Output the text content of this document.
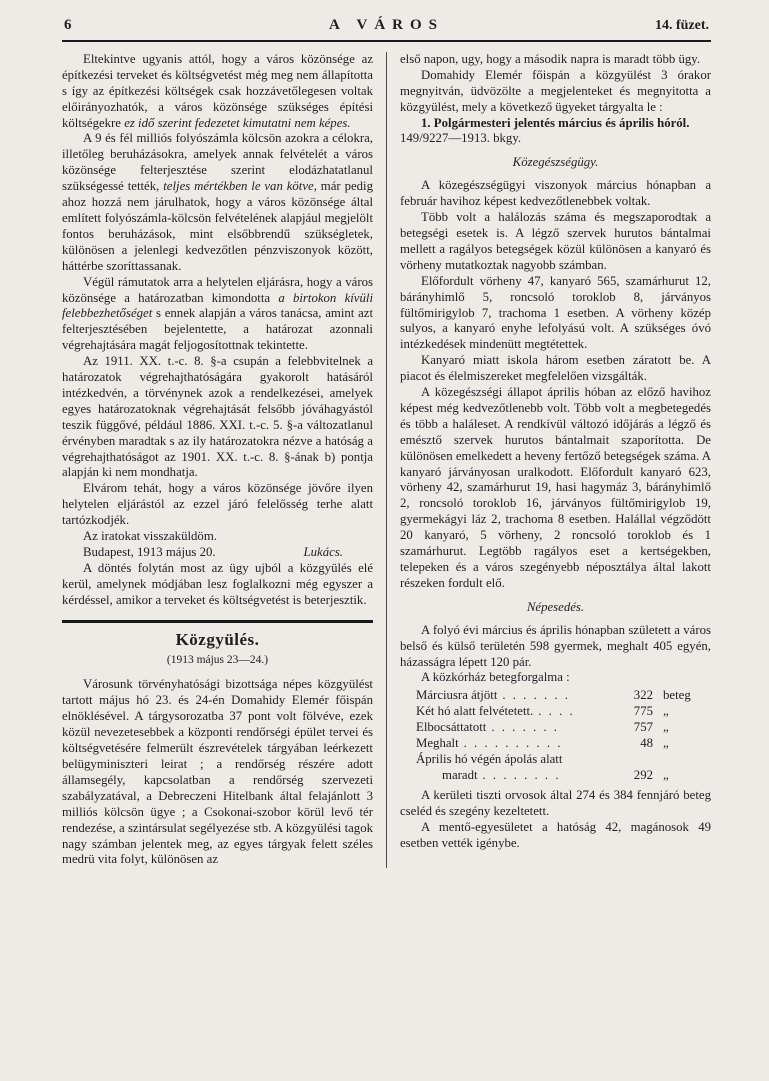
6	A VÁROS	14. füzet.

Eltekintve ugyanis attól, hogy a város közönsége az építkezési terveket és költségvetést még meg nem állapította s így az építkezési költségek csak hozzávetőlegesen voltak előirányozhatók, a város közönsége szükséges építési költségekre ez idő szerint fedezetet kimutatni nem képes.

A 9 és fél milliós folyószámla kölcsön azokra a célokra, illetőleg beruházásokra, amelyek annak felvételét a város közönsége felterjesztése szerint elodázhatatlanul szükségessé tették, teljes mértékben le van kötve, már pedig ahoz hozzá nem járulhatok, hogy a város közönsége által említett folyószámla-kölcsön felvételének alapjául megjelölt fontos beruházások, mint elsőbbrendű szükségletek, különösen a jelenlegi kedvezőtlen pénzviszonyok között, háttérbe szoríttassanak.

Végül rámutatok arra a helytelen eljárásra, hogy a város közönsége a határozatban kimondotta a birtokon kívüli felebbezhetőséget s ennek alapján a város tanácsa, amint azt felterjesztésében bejelentette, a határozat azonnali végrehajtására magát feljogosítottnak tekintette.

Az 1911. XX. t.-c. 8. §-a csupán a felebbvitelnek a határozatok végrehajthatóságára gyakorolt hatásáról intézkedvén, a törvénynek azok a rendelkezései, amelyek egyes határozatoknak végrehajtását felsőbb jóváhagyástól teszik függővé, például 1886. XXI. t.-c. 5. §-a változatlanul érvényben maradtak s az ily határozatokra nézve a hatóság a végrehajthatóságot az 1901. XX. t.-c. 8. §-ának b) pontja alapján ki nem mondhatja.

Elvárom tehát, hogy a város közönsége jövőre ilyen helytelen eljárástól az ezzel járó felelősség terhe alatt tartózkodjék.

Az iratokat visszaküldöm.

Budapest, 1913 május 20.	Lukács.

A döntés folytán most az ügy ujból a közgyülés elé kerül, amelynek módjában lesz foglalkozni még egyszer a kérdéssel, amikor a terveket és költségvetést is beterjesztik.

Közgyülés.
(1913 május 23—24.)

Városunk törvényhatósági bizottsága népes közgyülést tartott május hó 23. és 24-én Domahidy Elemér főispán elnöklésével. A tárgysorozatba 37 pont volt fölvéve, ezek közül nevezetesebbek a központi rendőrségi épület tervei és költségvetésére felmerült észrevételek tárgyában leérkezett belügyminiszteri leirat ; a rendőrség részére adott államsegély, kapcsolatban a rendőrség szervezeti szabályzatával, a Debreczeni Hitelbank által felajánlott 3 milliós kölcsön ügye ; a Csokonai-szobor körül levő tér rendezése, a szintársulat segélyezése stb. A közgyülési tagok nagy számban jelentek meg, az egyes tárgyak felett széles medrü vita folyt, különösen az

első napon, ugy, hogy a második napra is maradt több ügy.

Domahidy Elemér főispán a közgyülést 3 órakor megnyitván, üdvözölte a megjelenteket és megnyitotta a közgyülést, mely a következő ügyeket tárgyalta le :

1. Polgármesteri jelentés március és április hóról.

149/9227—1913. bkgy.
Közegészségügy.

A közegészségügyi viszonyok március hónapban a február havihoz képest kedvezőtlenebbek voltak.

Több volt a halálozás száma és megszaporodtak a betegségi esetek is. A légző szervek hurutos bántalmai mellett a ragályos betegségek közül különösen a kanyaró és vörheny mutatkoztak nagyobb számban.

Előfordult vörheny 47, kanyaró 565, szamárhurut 12, bárányhimlő 5, roncsoló toroklob 8, járványos fültőmirigylob 7, trachoma 1 esetben. A vörheny közép sulyos, a kanyaró enyhe lefolyású volt. A szükséges óvó intézkedések mindenütt megtétettek.

Kanyaró miatt iskola három esetben záratott be. A piacot és élelmiszereket megfelelően vizsgálták.

A közegészségi állapot április hóban az előző havihoz képest még kedvezőtlenebb volt. Több volt a megbetegedés és több a haláleset. A rendkívül változó időjárás a légző és emésztő szervek hurutos bántalmait szaporította. De különösen emelkedett a heveny fertőző betegségek száma. A kanyaró járványosan uralkodott. Előfordult kanyaró 623, vörheny 42, szamárhurut 19, hasi hagymáz 3, bárányhimlő 2, roncsoló toroklob 16, járványos fültőmirigylob 19, gyermekágyi láz 2, trachoma 8 esetben. Halállal végződött 20 kanyaró, 5 vörheny, 2 roncsoló toroklob és 1 szamárhurut. Legtöbb ragályos eset a kertségekben, telepeken és a város szegényebb néposztálya által lakott részeken fordult elő.

Népesedés.

A folyó évi március és április hónapban született a város belső és külső területén 598 gyermek, meghalt 405 egyén, házasságra lépett 120 pár.

A közkórház betegforgalma :

Márciusra átjött . . . . . . .	322 beteg
Két hó alatt felvétetett. . . . .	775 „
Elbocsáttatott . . . . . . .	757 „
Meghalt . . . . . . . . . .	48 „
Április hó végén ápolás alatt
maradt . . . . . . . .	292 „

A kerületi tiszti orvosok által 274 és 384 fennjáró beteg cseléd és szegény kezeltetett.

A mentő-egyesületet a hatóság 42, magánosok 49 esetben vették igénybe.
